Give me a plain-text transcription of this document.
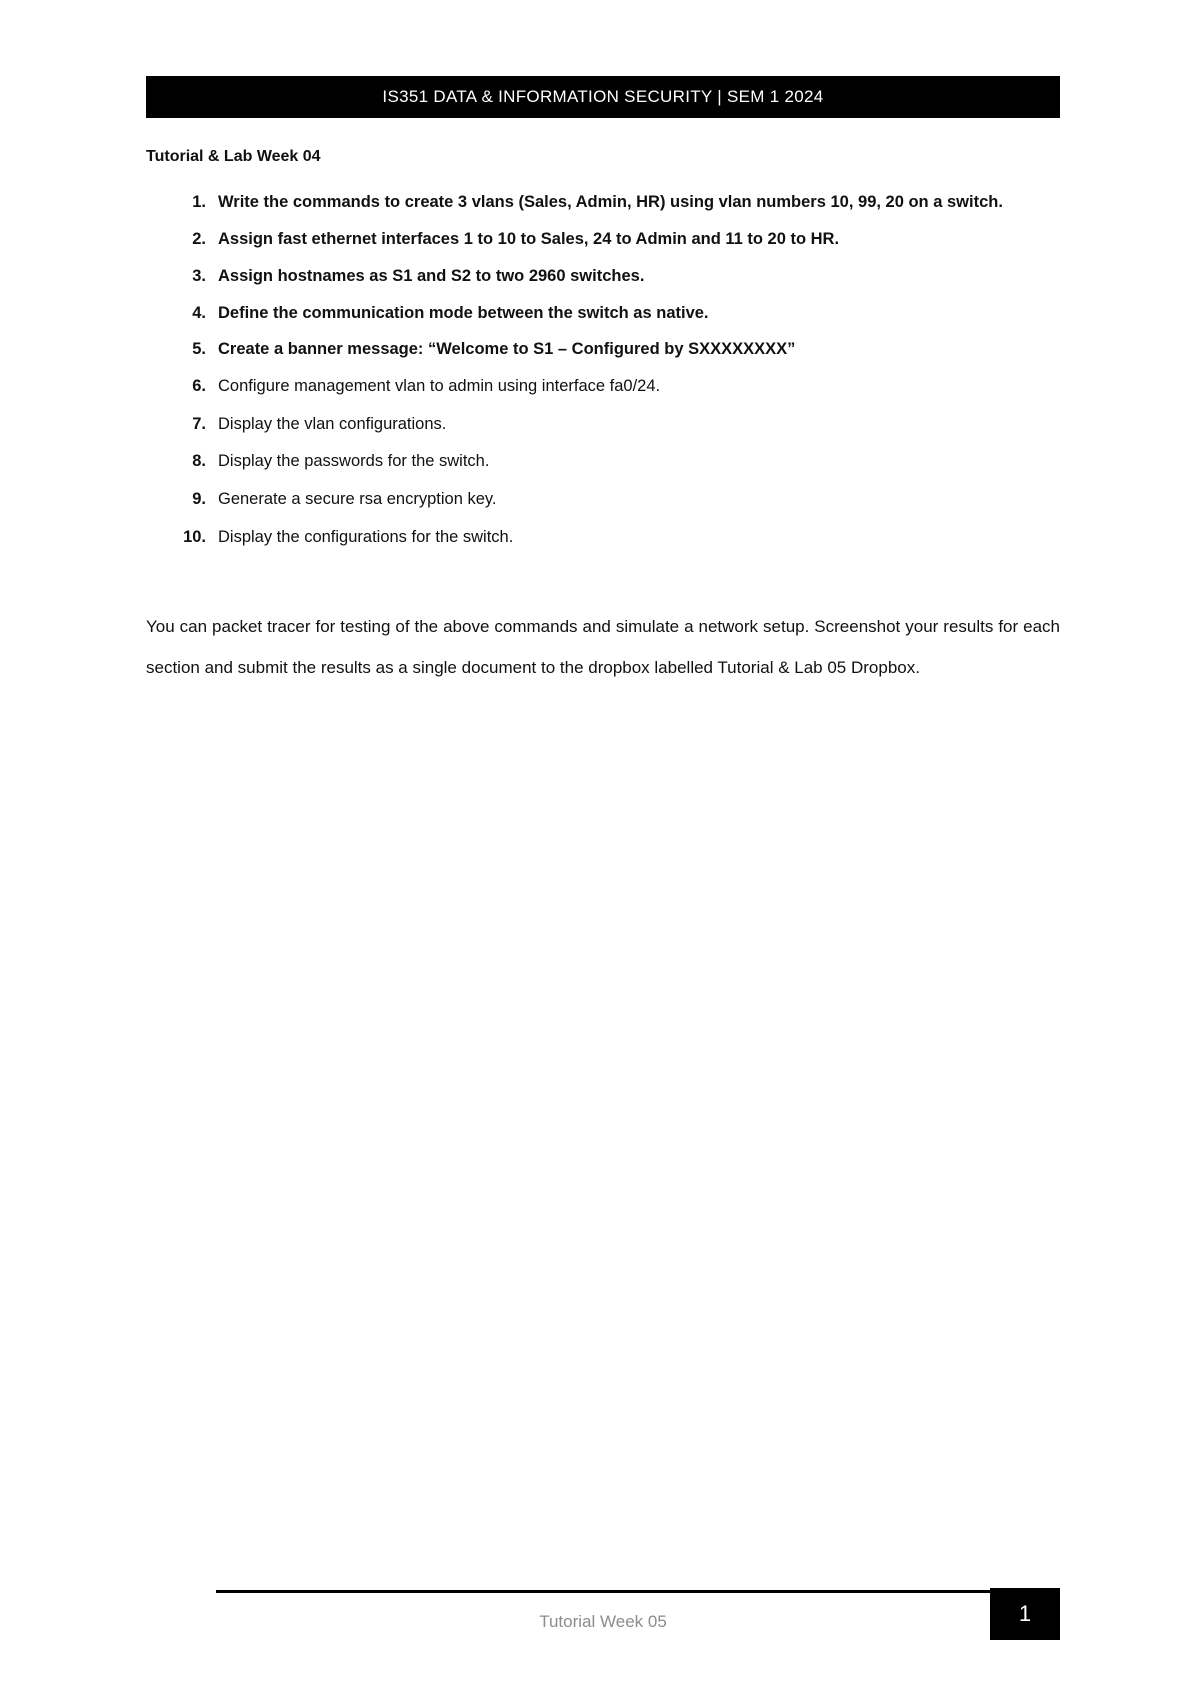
IS351 DATA & INFORMATION SECURITY | SEM 1 2024
Tutorial & Lab Week 04
1. Write the commands to create 3 vlans (Sales, Admin, HR) using vlan numbers 10, 99, 20 on a switch.
2. Assign fast ethernet interfaces 1 to 10 to Sales, 24 to Admin and 11 to 20 to HR.
3. Assign hostnames as S1 and S2 to two 2960 switches.
4. Define the communication mode between the switch as native.
5. Create a banner message: “Welcome to S1 – Configured by SXXXXXXXX”
6. Configure management vlan to admin using interface fa0/24.
7. Display the vlan configurations.
8. Display the passwords for the switch.
9. Generate a secure rsa encryption key.
10. Display the configurations for the switch.

You can packet tracer for testing of the above commands and simulate a network setup. Screenshot your results for each section and submit the results as a single document to the dropbox labelled Tutorial & Lab 05 Dropbox.

Tutorial Week 05	1
